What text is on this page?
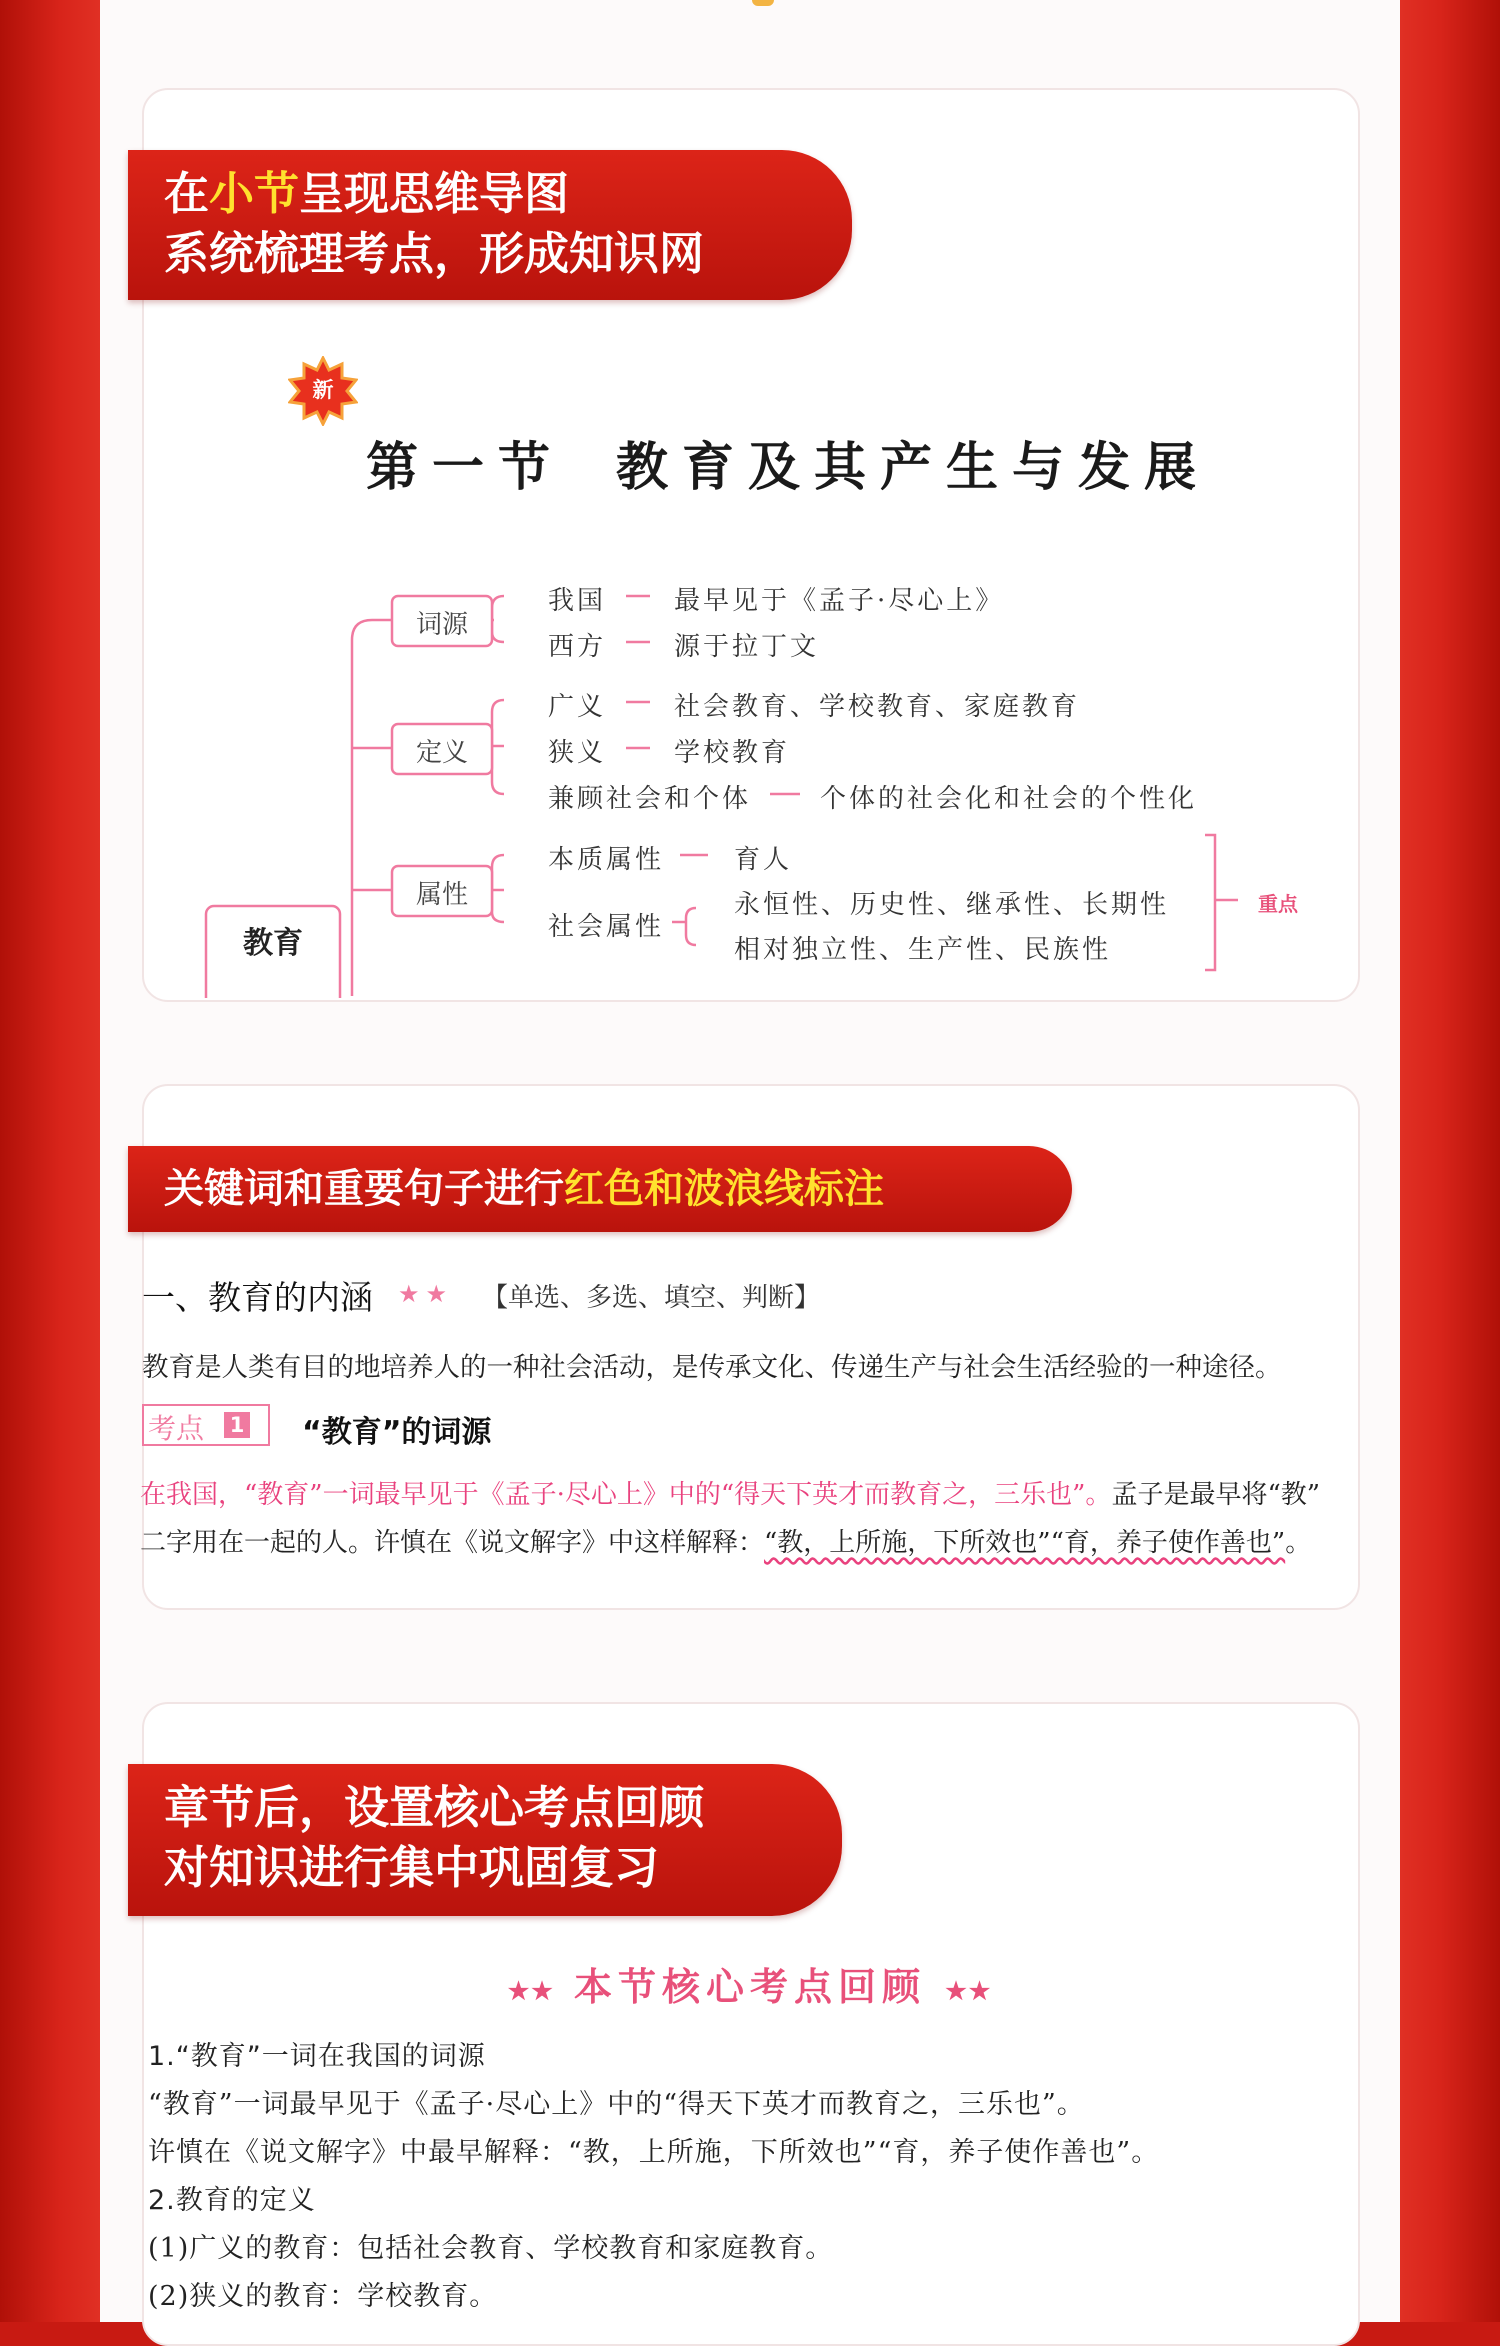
在小节呈现思维导图
系统梳理考点，形成知识网
新
第一节 教育及其产生与发展
教育
词源
定义
属性
我国	最早见于《孟子·尽心上》
西方	源于拉丁文
广义	社会教育、学校教育、家庭教育
狭义	学校教育
兼顾社会和个体	个体的社会化和社会的个性化
本质属性	育人
社会属性
永恒性、历史性、继承性、长期性
相对独立性、生产性、民族性
重点
关键词和重要句子进行红色和波浪线标注
一、教育的内涵 ★★ 【单选、多选、填空、判断】
教育是人类有目的地培养人的一种社会活动，是传承文化、传递生产与社会生活经验的一种途径。
考点 1 “教育”的词源
在我国，“教育”一词最早见于《孟子·尽心上》中的“得天下英才而教育之，三乐也”。孟子是最早将“教”
二字用在一起的人。许慎在《说文解字》中这样解释：“教，上所施，下所效也”“育，养子使作善也”。
章节后，设置核心考点回顾
对知识进行集中巩固复习
★★ 本节核心考点回顾 ★★
1.“教育”一词在我国的词源
“教育”一词最早见于《孟子·尽心上》中的“得天下英才而教育之，三乐也”。
许慎在《说文解字》中最早解释：“教，上所施，下所效也”“育，养子使作善也”。
2.教育的定义
(1)广义的教育：包括社会教育、学校教育和家庭教育。
(2)狭义的教育：学校教育。
